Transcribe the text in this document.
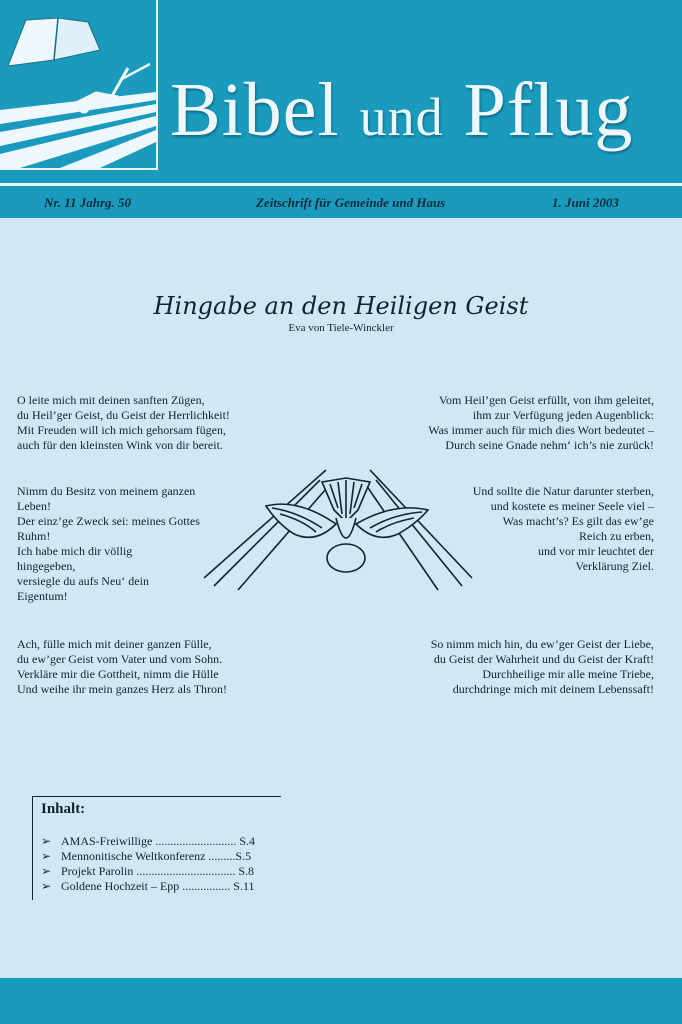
Bibel und Pflug
Nr. 11 Jahrg. 50	Zeitschrift für Gemeinde und Haus	1. Juni 2003
Hingabe an den Heiligen Geist
Eva von Tiele-Winckler
O leite mich mit deinen sanften Zügen,
du Heil’ger Geist, du Geist der Herrlichkeit!
Mit Freuden will ich mich gehorsam fügen,
auch für den kleinsten Wink von dir bereit.
Vom Heil’gen Geist erfüllt, von ihm geleitet,
ihm zur Verfügung jeden Augenblick:
Was immer auch für mich dies Wort bedeutet –
Durch seine Gnade nehm‘ ich’s nie zurück!
Nimm du Besitz von meinem ganzen
Leben!
Der einz’ge Zweck sei: meines Gottes
Ruhm!
Ich habe mich dir völlig
hingegeben,
versiegle du aufs Neu‘ dein
Eigentum!
Und sollte die Natur darunter sterben,
und kostete es meiner Seele viel –
Was macht’s? Es gilt das ew’ge
Reich zu erben,
und vor mir leuchtet der
Verklärung Ziel.
Ach, fülle mich mit deiner ganzen Fülle,
du ew’ger Geist vom Vater und vom Sohn.
Verkläre mir die Gottheit, nimm die Hülle
Und weihe ihr mein ganzes Herz als Thron!
So nimm mich hin, du ew’ger Geist der Liebe,
du Geist der Wahrheit und du Geist der Kraft!
Durchheilige mir alle meine Triebe,
durchdringe mich mit deinem Lebenssaft!
Inhalt:
➢ AMAS-Freiwillige ........................... S.4
➢ Mennonitische Weltkonferenz .........S.5
➢ Projekt Parolin ................................. S.8
➢ Goldene Hochzeit – Epp ................ S.11
